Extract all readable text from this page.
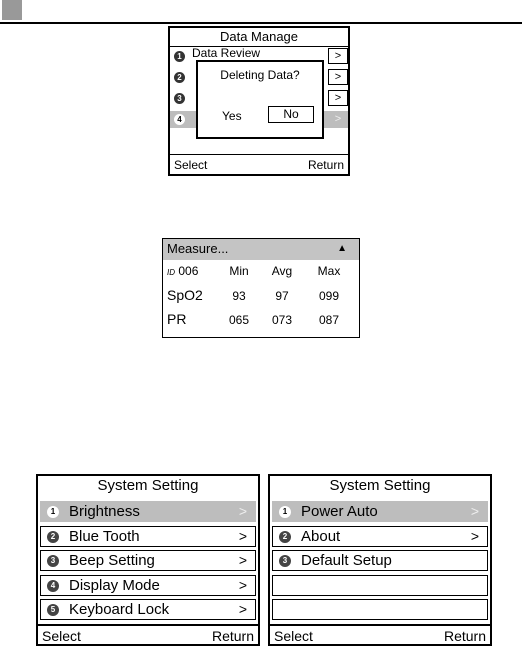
Data Manage
1 Data Review	>
2	>
3	>
4	>
Deleting Data?
Yes	No
Select	Return
Measure...	▲
ID 006	Min	Avg	Max
SpO2	93	97	099
PR	065	073	087
System Setting
1 Brightness	>
2 Blue Tooth	>
3 Beep Setting	>
4 Display Mode	>
5 Keyboard Lock	>
Select	Return
System Setting
1 Power Auto	>
2 About	>
3 Default Setup
Select	Return
